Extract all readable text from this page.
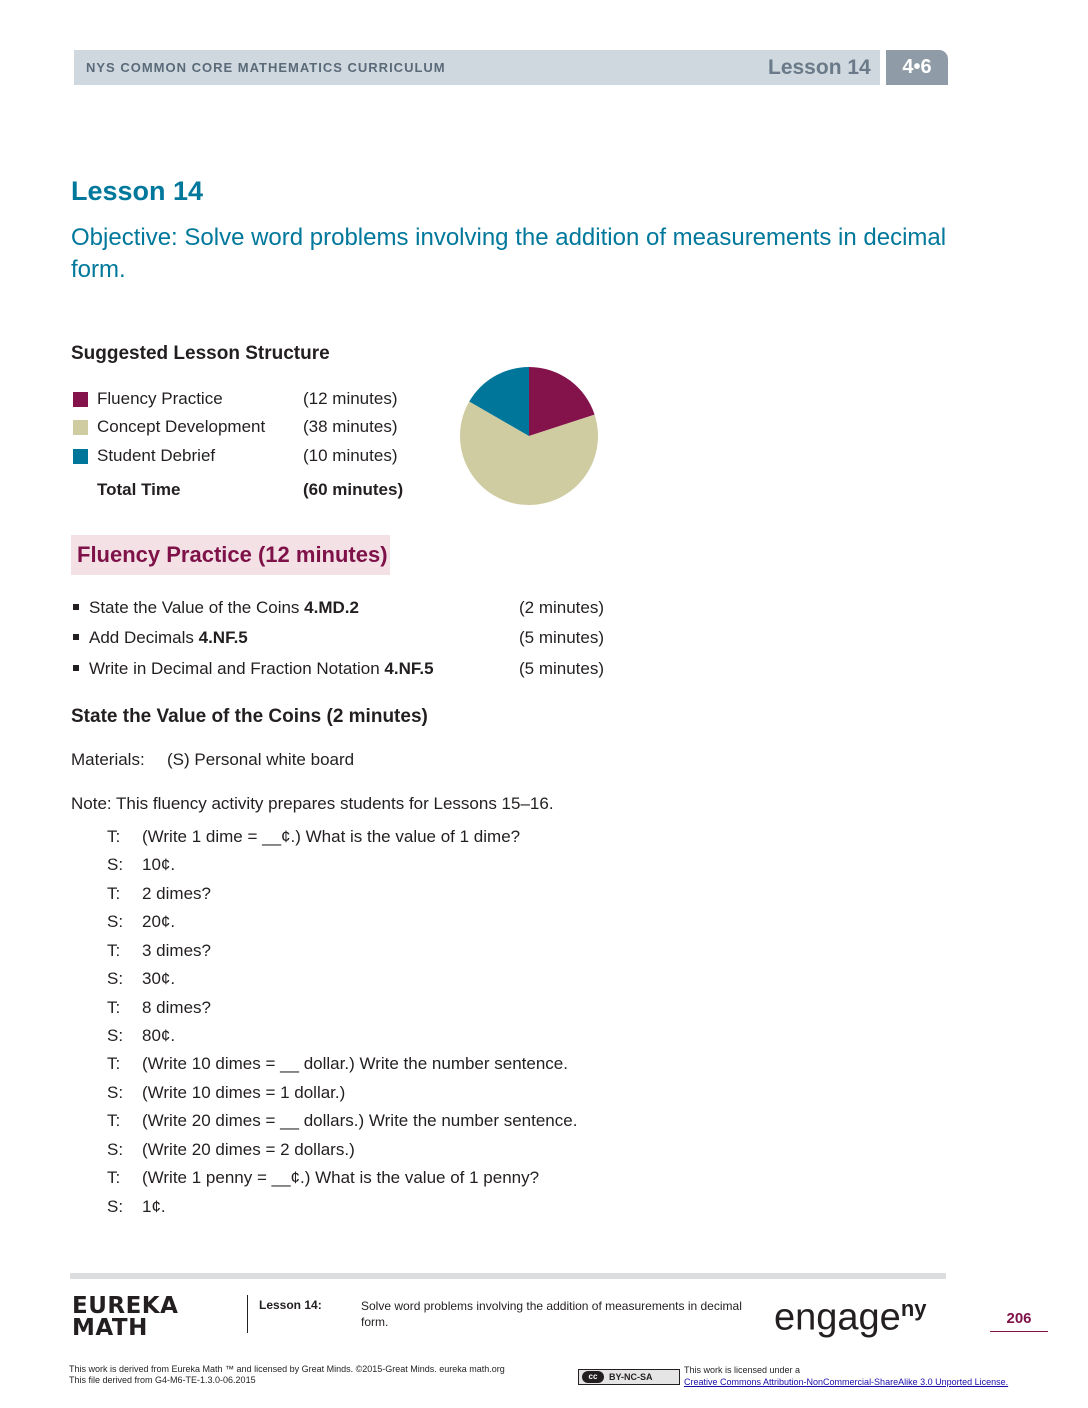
NYS COMMON CORE MATHEMATICS CURRICULUM	Lesson 14	4•6
Lesson 14
Objective: Solve word problems involving the addition of measurements in decimal form.
Suggested Lesson Structure
Fluency Practice	(12 minutes)
Concept Development (38 minutes)
Student Debrief	(10 minutes)
Total Time	(60 minutes)
Fluency Practice (12 minutes)
State the Value of the Coins 4.MD.2	(2 minutes)
Add Decimals 4.NF.5	(5 minutes)
Write in Decimal and Fraction Notation 4.NF.5	(5 minutes)
State the Value of the Coins (2 minutes)
Materials: (S) Personal white board
Note: This fluency activity prepares students for Lessons 15–16.
T: (Write 1 dime = __¢.) What is the value of 1 dime?
S: 10¢.
T: 2 dimes?
S: 20¢.
T: 3 dimes?
S: 30¢.
T: 8 dimes?
S: 80¢.
T: (Write 10 dimes = __ dollar.) Write the number sentence.
S: (Write 10 dimes = 1 dollar.)
T: (Write 20 dimes = __ dollars.) Write the number sentence.
S: (Write 20 dimes = 2 dollars.)
T: (Write 1 penny = __¢.) What is the value of 1 penny?
S: 1¢.
EUREKA
MATH
Lesson 14:	Solve word problems involving the addition of measurements in decimal form.	engage$^{ny}$	206
This work is derived from Eureka Math ™ and licensed by Great Minds. ©2015-Great Minds. eureka math.org
This file derived from G4-M6-TE-1.3.0-06.2015	cc	BY-NC-SA
This work is licensed under a
Creative Commons Attribution-NonCommercial-ShareAlike 3.0 Unported License.
